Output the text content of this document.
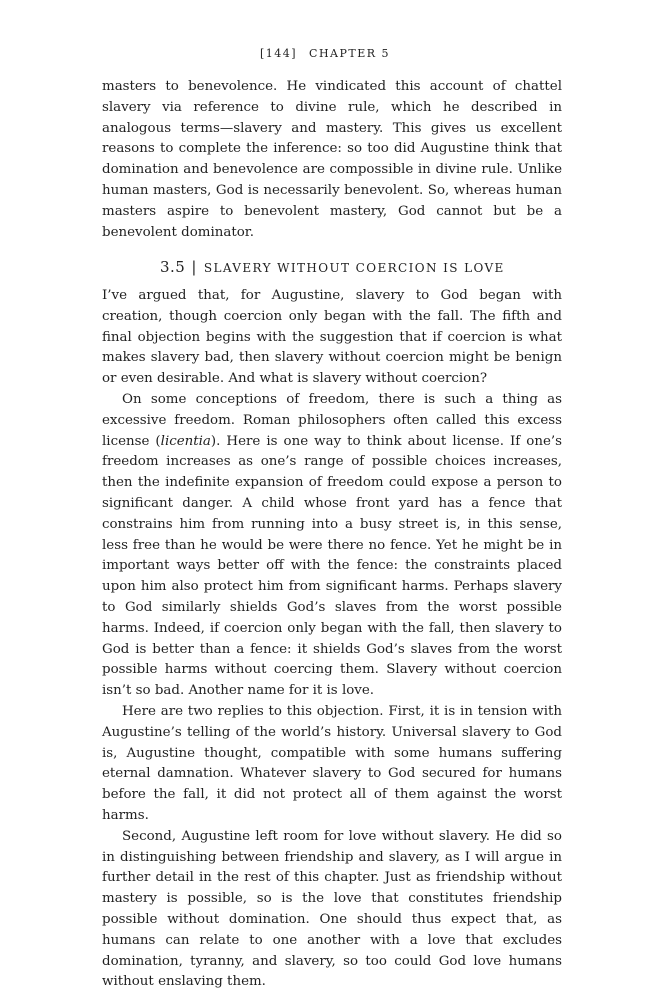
[144] CHAPTER 5

masters to benevolence. He vindicated this account of chattel slavery via reference to divine rule, which he described in analogous terms—slavery and mastery. This gives us excellent reasons to complete the inference: so too did Augustine think that domination and benevolence are compossible in divine rule. Unlike human masters, God is necessarily benevolent. So, whereas human masters aspire to benevolent mastery, God cannot but be a benevolent dominator.

3.5 | SLAVERY WITHOUT COERCION IS LOVE

I’ve argued that, for Augustine, slavery to God began with creation, though coercion only began with the fall. The fifth and final objection begins with the suggestion that if coercion is what makes slavery bad, then slavery without coercion might be benign or even desirable. And what is slavery without coercion?

On some conceptions of freedom, there is such a thing as excessive freedom. Roman philosophers often called this excess license (licentia). Here is one way to think about license. If one’s freedom increases as one’s range of possible choices increases, then the indefinite expansion of freedom could expose a person to significant danger. A child whose front yard has a fence that constrains him from running into a busy street is, in this sense, less free than he would be were there no fence. Yet he might be in important ways better off with the fence: the constraints placed upon him also protect him from significant harms. Perhaps slavery to God similarly shields God’s slaves from the worst possible harms. Indeed, if coercion only began with the fall, then slavery to God is better than a fence: it shields God’s slaves from the worst possible harms without coercing them. Slavery without coercion isn’t so bad. Another name for it is love.

Here are two replies to this objection. First, it is in tension with Augustine’s telling of the world’s history. Universal slavery to God is, Augustine thought, compatible with some humans suffering eternal damnation. Whatever slavery to God secured for humans before the fall, it did not protect all of them against the worst harms.

Second, Augustine left room for love without slavery. He did so in distinguishing between friendship and slavery, as I will argue in further detail in the rest of this chapter. Just as friendship without mastery is possible, so is the love that constitutes friendship possible without domination. One should thus expect that, as humans can relate to one another with a love that excludes domination, tyranny, and slavery, so too could God love humans without enslaving them.
